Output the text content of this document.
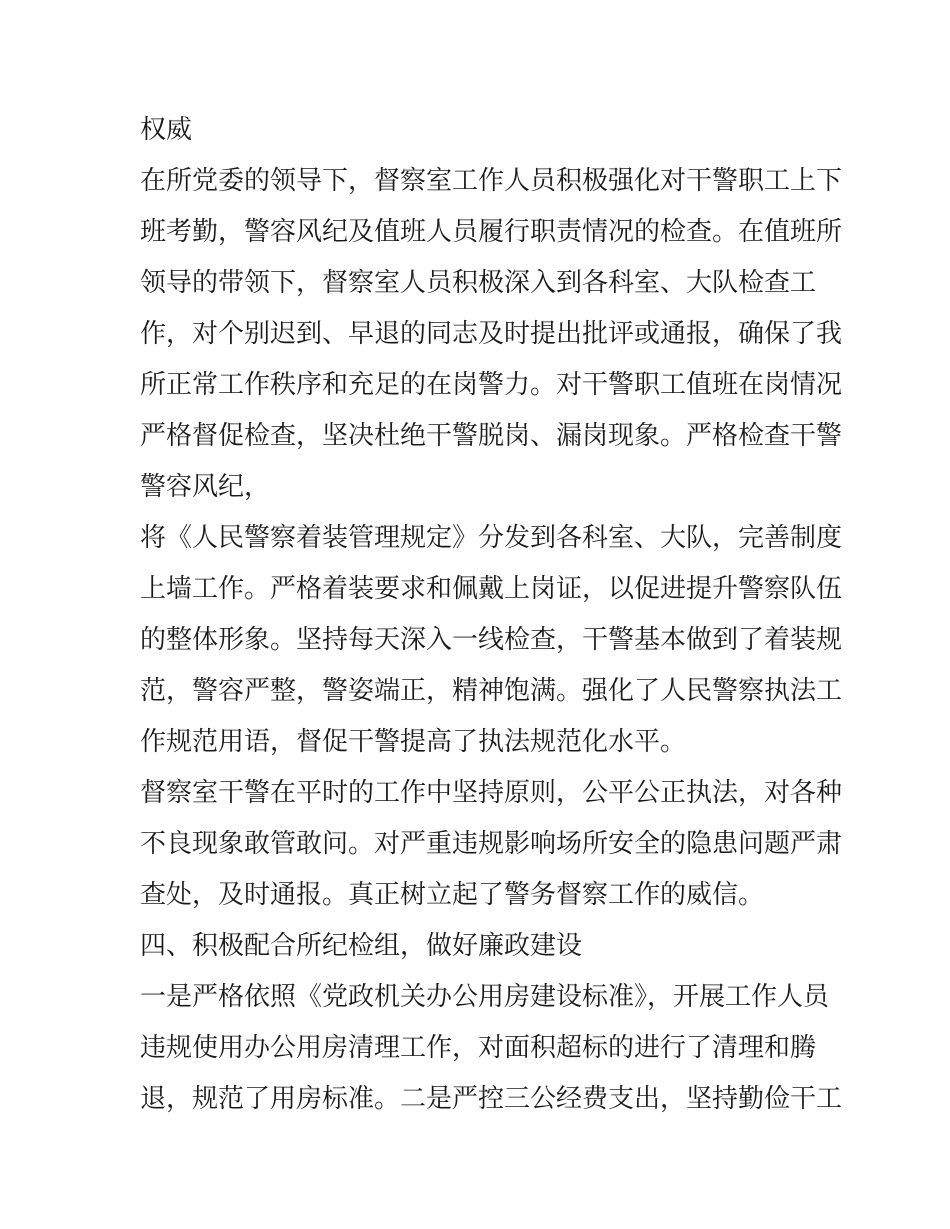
权威
在所党委的领导下，督察室工作人员积极强化对干警职工上下
班考勤，警容风纪及值班人员履行职责情况的检查。在值班所
领导的带领下，督察室人员积极深入到各科室、大队检查工
作，对个别迟到、早退的同志及时提出批评或通报，确保了我
所正常工作秩序和充足的在岗警力。对干警职工值班在岗情况
严格督促检查，坚决杜绝干警脱岗、漏岗现象。严格检查干警
警容风纪，
将《人民警察着装管理规定》分发到各科室、大队，完善制度
上墙工作。严格着装要求和佩戴上岗证，以促进提升警察队伍
的整体形象。坚持每天深入一线检查，干警基本做到了着装规
范，警容严整，警姿端正，精神饱满。强化了人民警察执法工
作规范用语，督促干警提高了执法规范化水平。
督察室干警在平时的工作中坚持原则，公平公正执法，对各种
不良现象敢管敢问。对严重违规影响场所安全的隐患问题严肃
查处，及时通报。真正树立起了警务督察工作的威信。
四、积极配合所纪检组，做好廉政建设
一是严格依照《党政机关办公用房建设标准》，开展工作人员
违规使用办公用房清理工作，对面积超标的进行了清理和腾
退，规范了用房标准。二是严控三公经费支出，坚持勤俭干工
